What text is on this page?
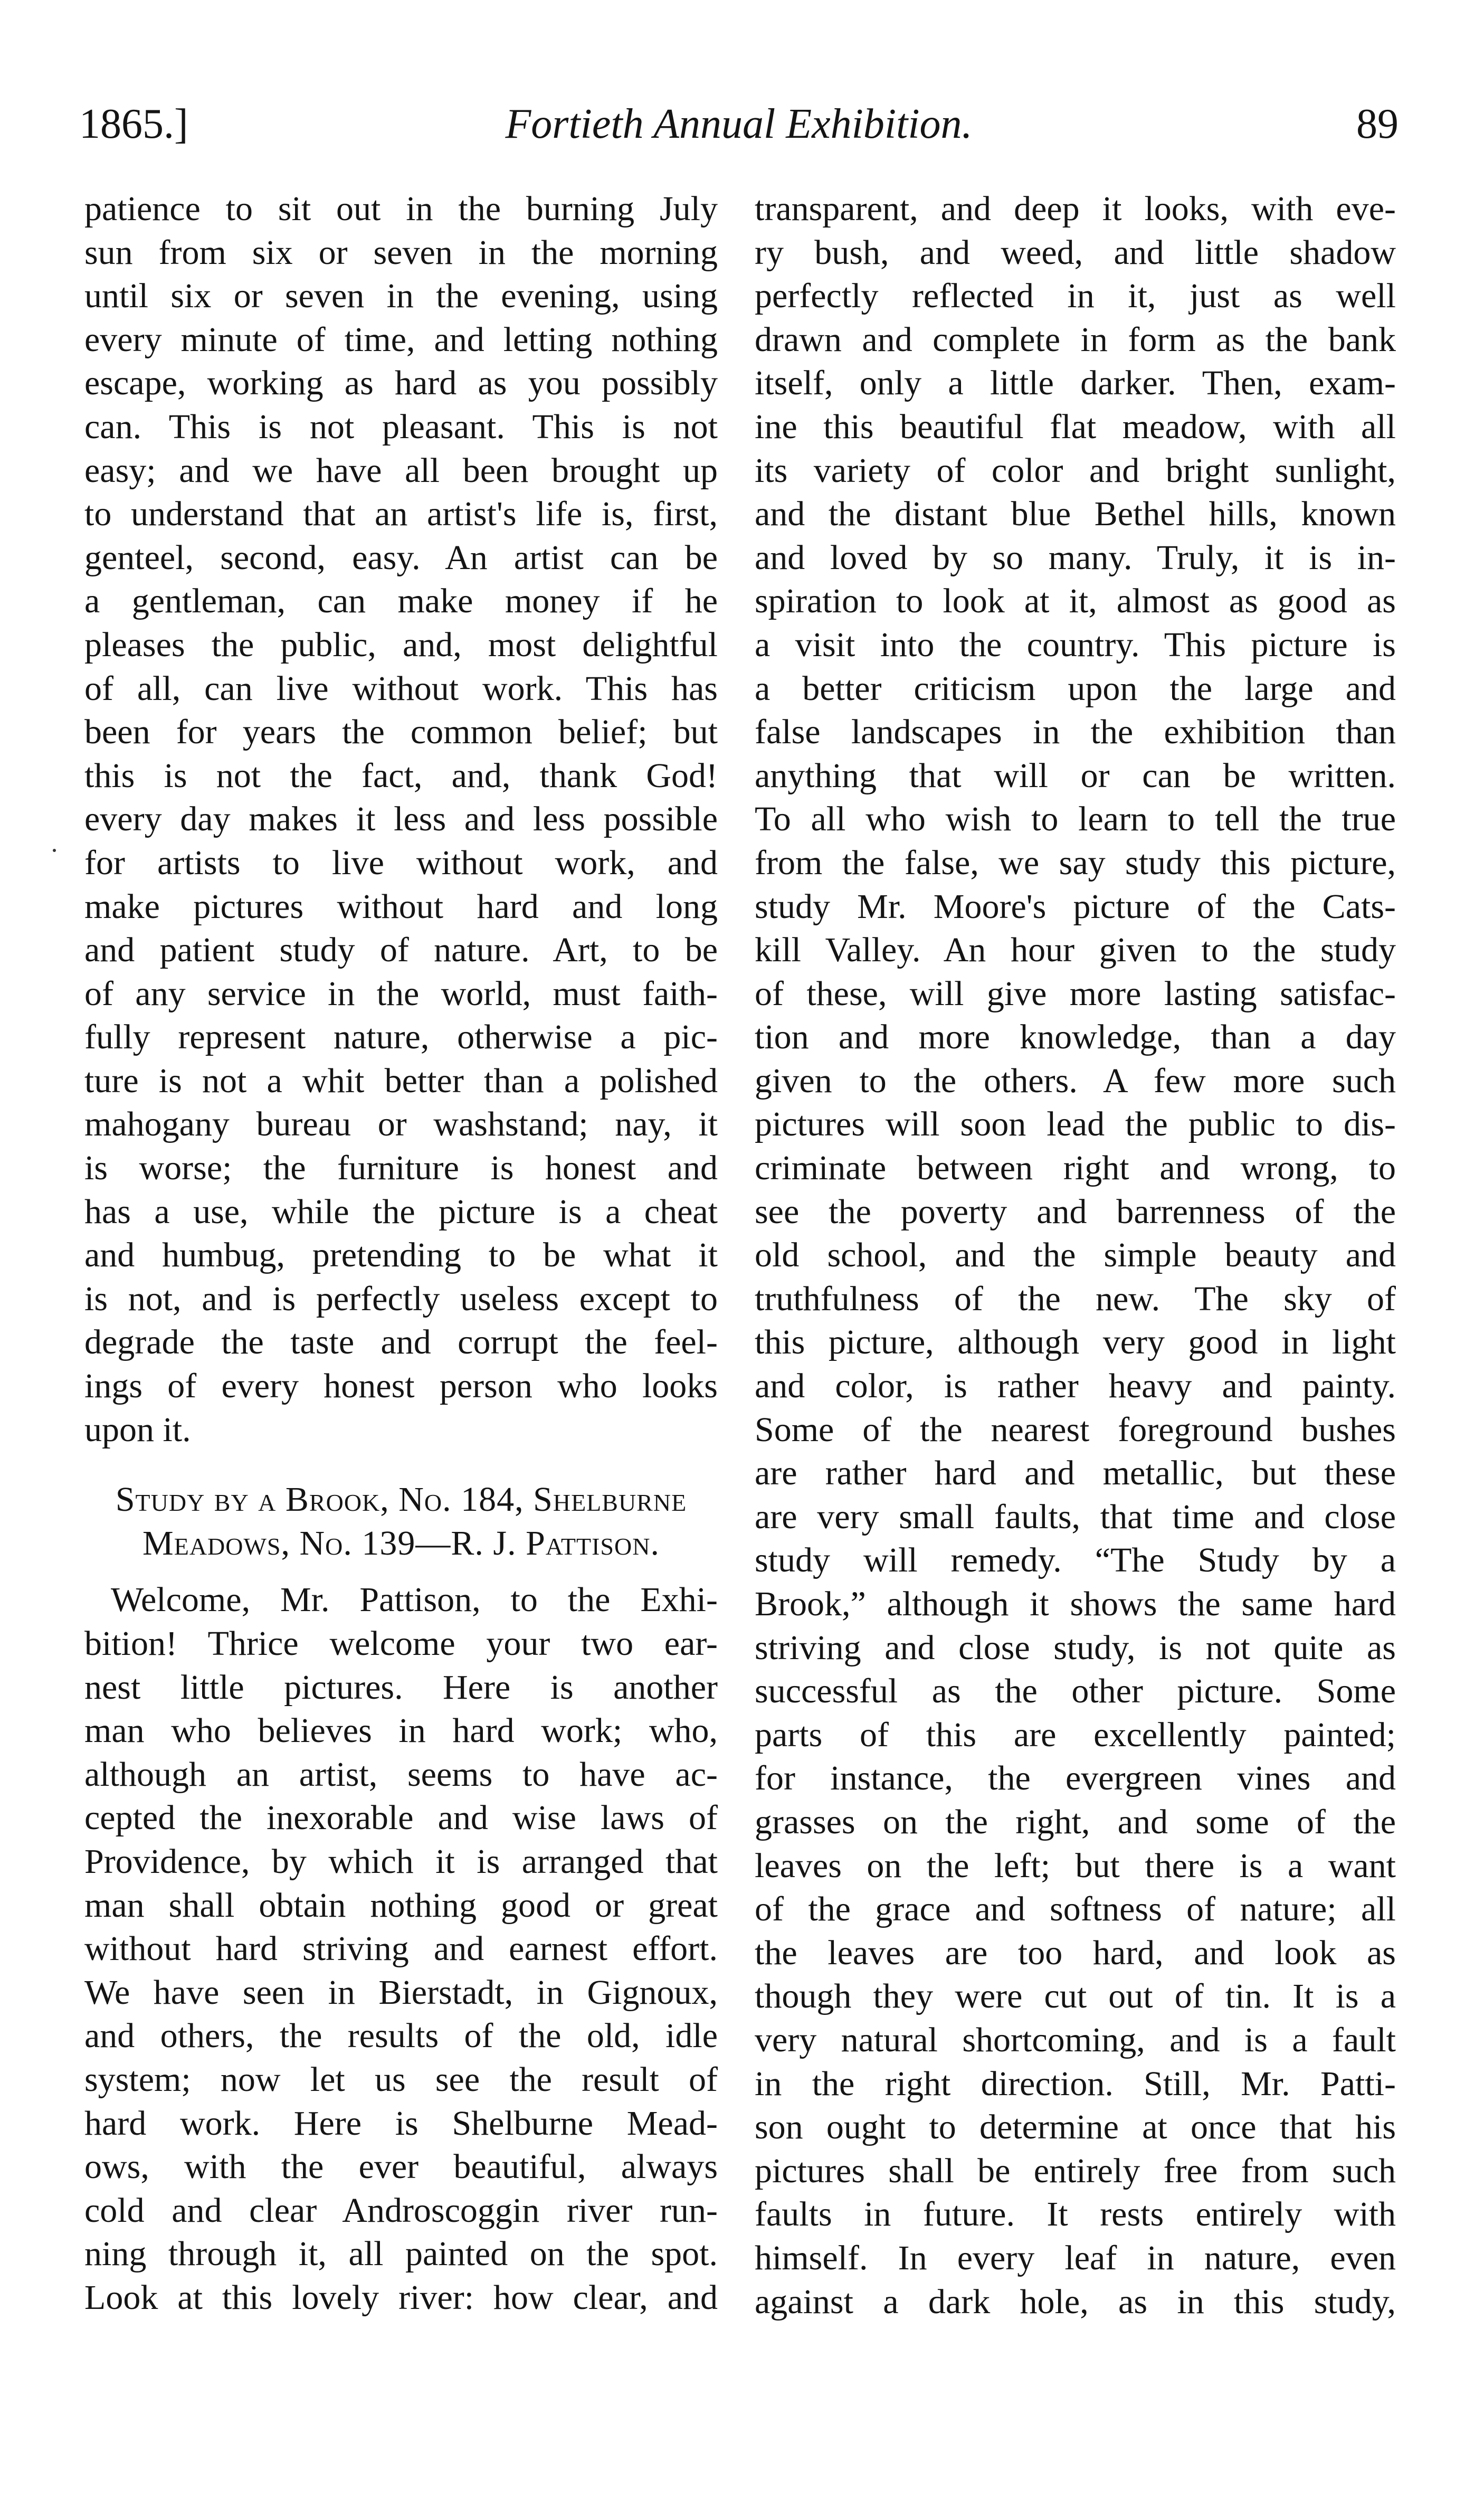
1865.]	Fortieth Annual Exhibition.	89
patience to sit out in the burning July
sun from six or seven in the morning
until six or seven in the evening, using
every minute of time, and letting nothing
escape, working as hard as you possibly
can. This is not pleasant. This is not
easy; and we have all been brought up
to understand that an artist's life is, first,
genteel, second, easy. An artist can be
a gentleman, can make money if he
pleases the public, and, most delightful
of all, can live without work. This has
been for years the common belief; but
this is not the fact, and, thank God!
every day makes it less and less possible
for artists to live without work, and
make pictures without hard and long
and patient study of nature. Art, to be
of any service in the world, must faith-
fully represent nature, otherwise a pic-
ture is not a whit better than a polished
mahogany bureau or washstand; nay, it
is worse; the furniture is honest and
has a use, while the picture is a cheat
and humbug, pretending to be what it
is not, and is perfectly useless except to
degrade the taste and corrupt the feel-
ings of every honest person who looks
upon it.
Study by a Brook, No. 184, Shelburne
Meadows, No. 139—R. J. Pattison.
Welcome, Mr. Pattison, to the Exhi-
bition! Thrice welcome your two ear-
nest little pictures. Here is another
man who believes in hard work; who,
although an artist, seems to have ac-
cepted the inexorable and wise laws of
Providence, by which it is arranged that
man shall obtain nothing good or great
without hard striving and earnest effort.
We have seen in Bierstadt, in Gignoux,
and others, the results of the old, idle
system; now let us see the result of
hard work. Here is Shelburne Mead-
ows, with the ever beautiful, always
cold and clear Androscoggin river run-
ning through it, all painted on the spot.
Look at this lovely river: how clear, and
transparent, and deep it looks, with eve-
ry bush, and weed, and little shadow
perfectly reflected in it, just as well
drawn and complete in form as the bank
itself, only a little darker. Then, exam-
ine this beautiful flat meadow, with all
its variety of color and bright sunlight,
and the distant blue Bethel hills, known
and loved by so many. Truly, it is in-
spiration to look at it, almost as good as
a visit into the country. This picture is
a better criticism upon the large and
false landscapes in the exhibition than
anything that will or can be written.
To all who wish to learn to tell the true
from the false, we say study this picture,
study Mr. Moore's picture of the Cats-
kill Valley. An hour given to the study
of these, will give more lasting satisfac-
tion and more knowledge, than a day
given to the others. A few more such
pictures will soon lead the public to dis-
criminate between right and wrong, to
see the poverty and barrenness of the
old school, and the simple beauty and
truthfulness of the new. The sky of
this picture, although very good in light
and color, is rather heavy and painty.
Some of the nearest foreground bushes
are rather hard and metallic, but these
are very small faults, that time and close
study will remedy. “The Study by a
Brook,” although it shows the same hard
striving and close study, is not quite as
successful as the other picture. Some
parts of this are excellently painted;
for instance, the evergreen vines and
grasses on the right, and some of the
leaves on the left; but there is a want
of the grace and softness of nature; all
the leaves are too hard, and look as
though they were cut out of tin. It is a
very natural shortcoming, and is a fault
in the right direction. Still, Mr. Patti-
son ought to determine at once that his
pictures shall be entirely free from such
faults in future. It rests entirely with
himself. In every leaf in nature, even
against a dark hole, as in this study,
